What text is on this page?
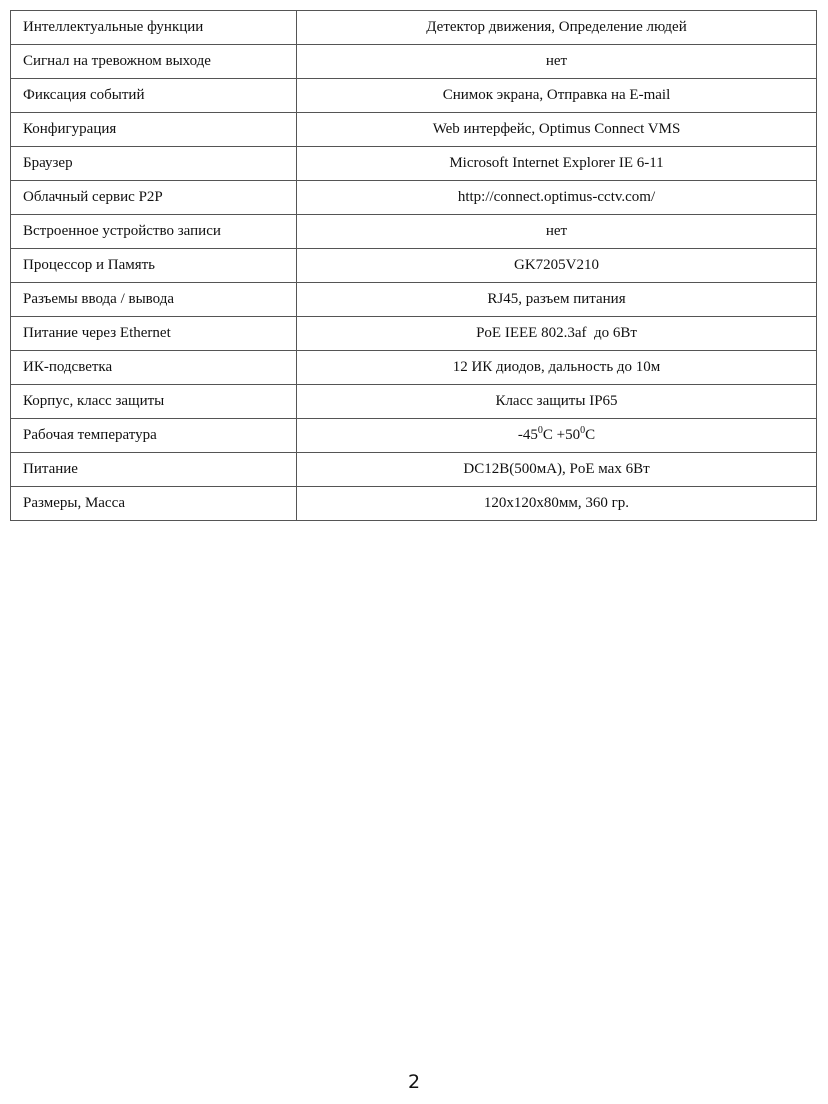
Интеллектуальные функции	Детектор движения, Определение людей
Сигнал на тревожном выходе	нет
Фиксация событий	Снимок экрана, Отправка на E-mail
Конфигурация	Web интерфейс, Optimus Connect VMS
Браузер	Microsoft Internet Explorer IE 6-11
Облачный сервис P2P	http://connect.optimus-cctv.com/
Встроенное устройство записи	нет
Процессор и Память	GK7205V210
Разъемы ввода / вывода	RJ45, разъем питания
Питание через Ethernet	PoE IEEE 802.3af  до 6Вт
ИК-подсветка	12 ИК диодов, дальность до 10м
Корпус, класс защиты	Класс защиты IP65
Рабочая температура	$-45^0С +50^0С$
Питание	DC12В(500мА), PoE мах 6Вт
Размеры, Масса	120x120x80мм, 360 гр.
2
